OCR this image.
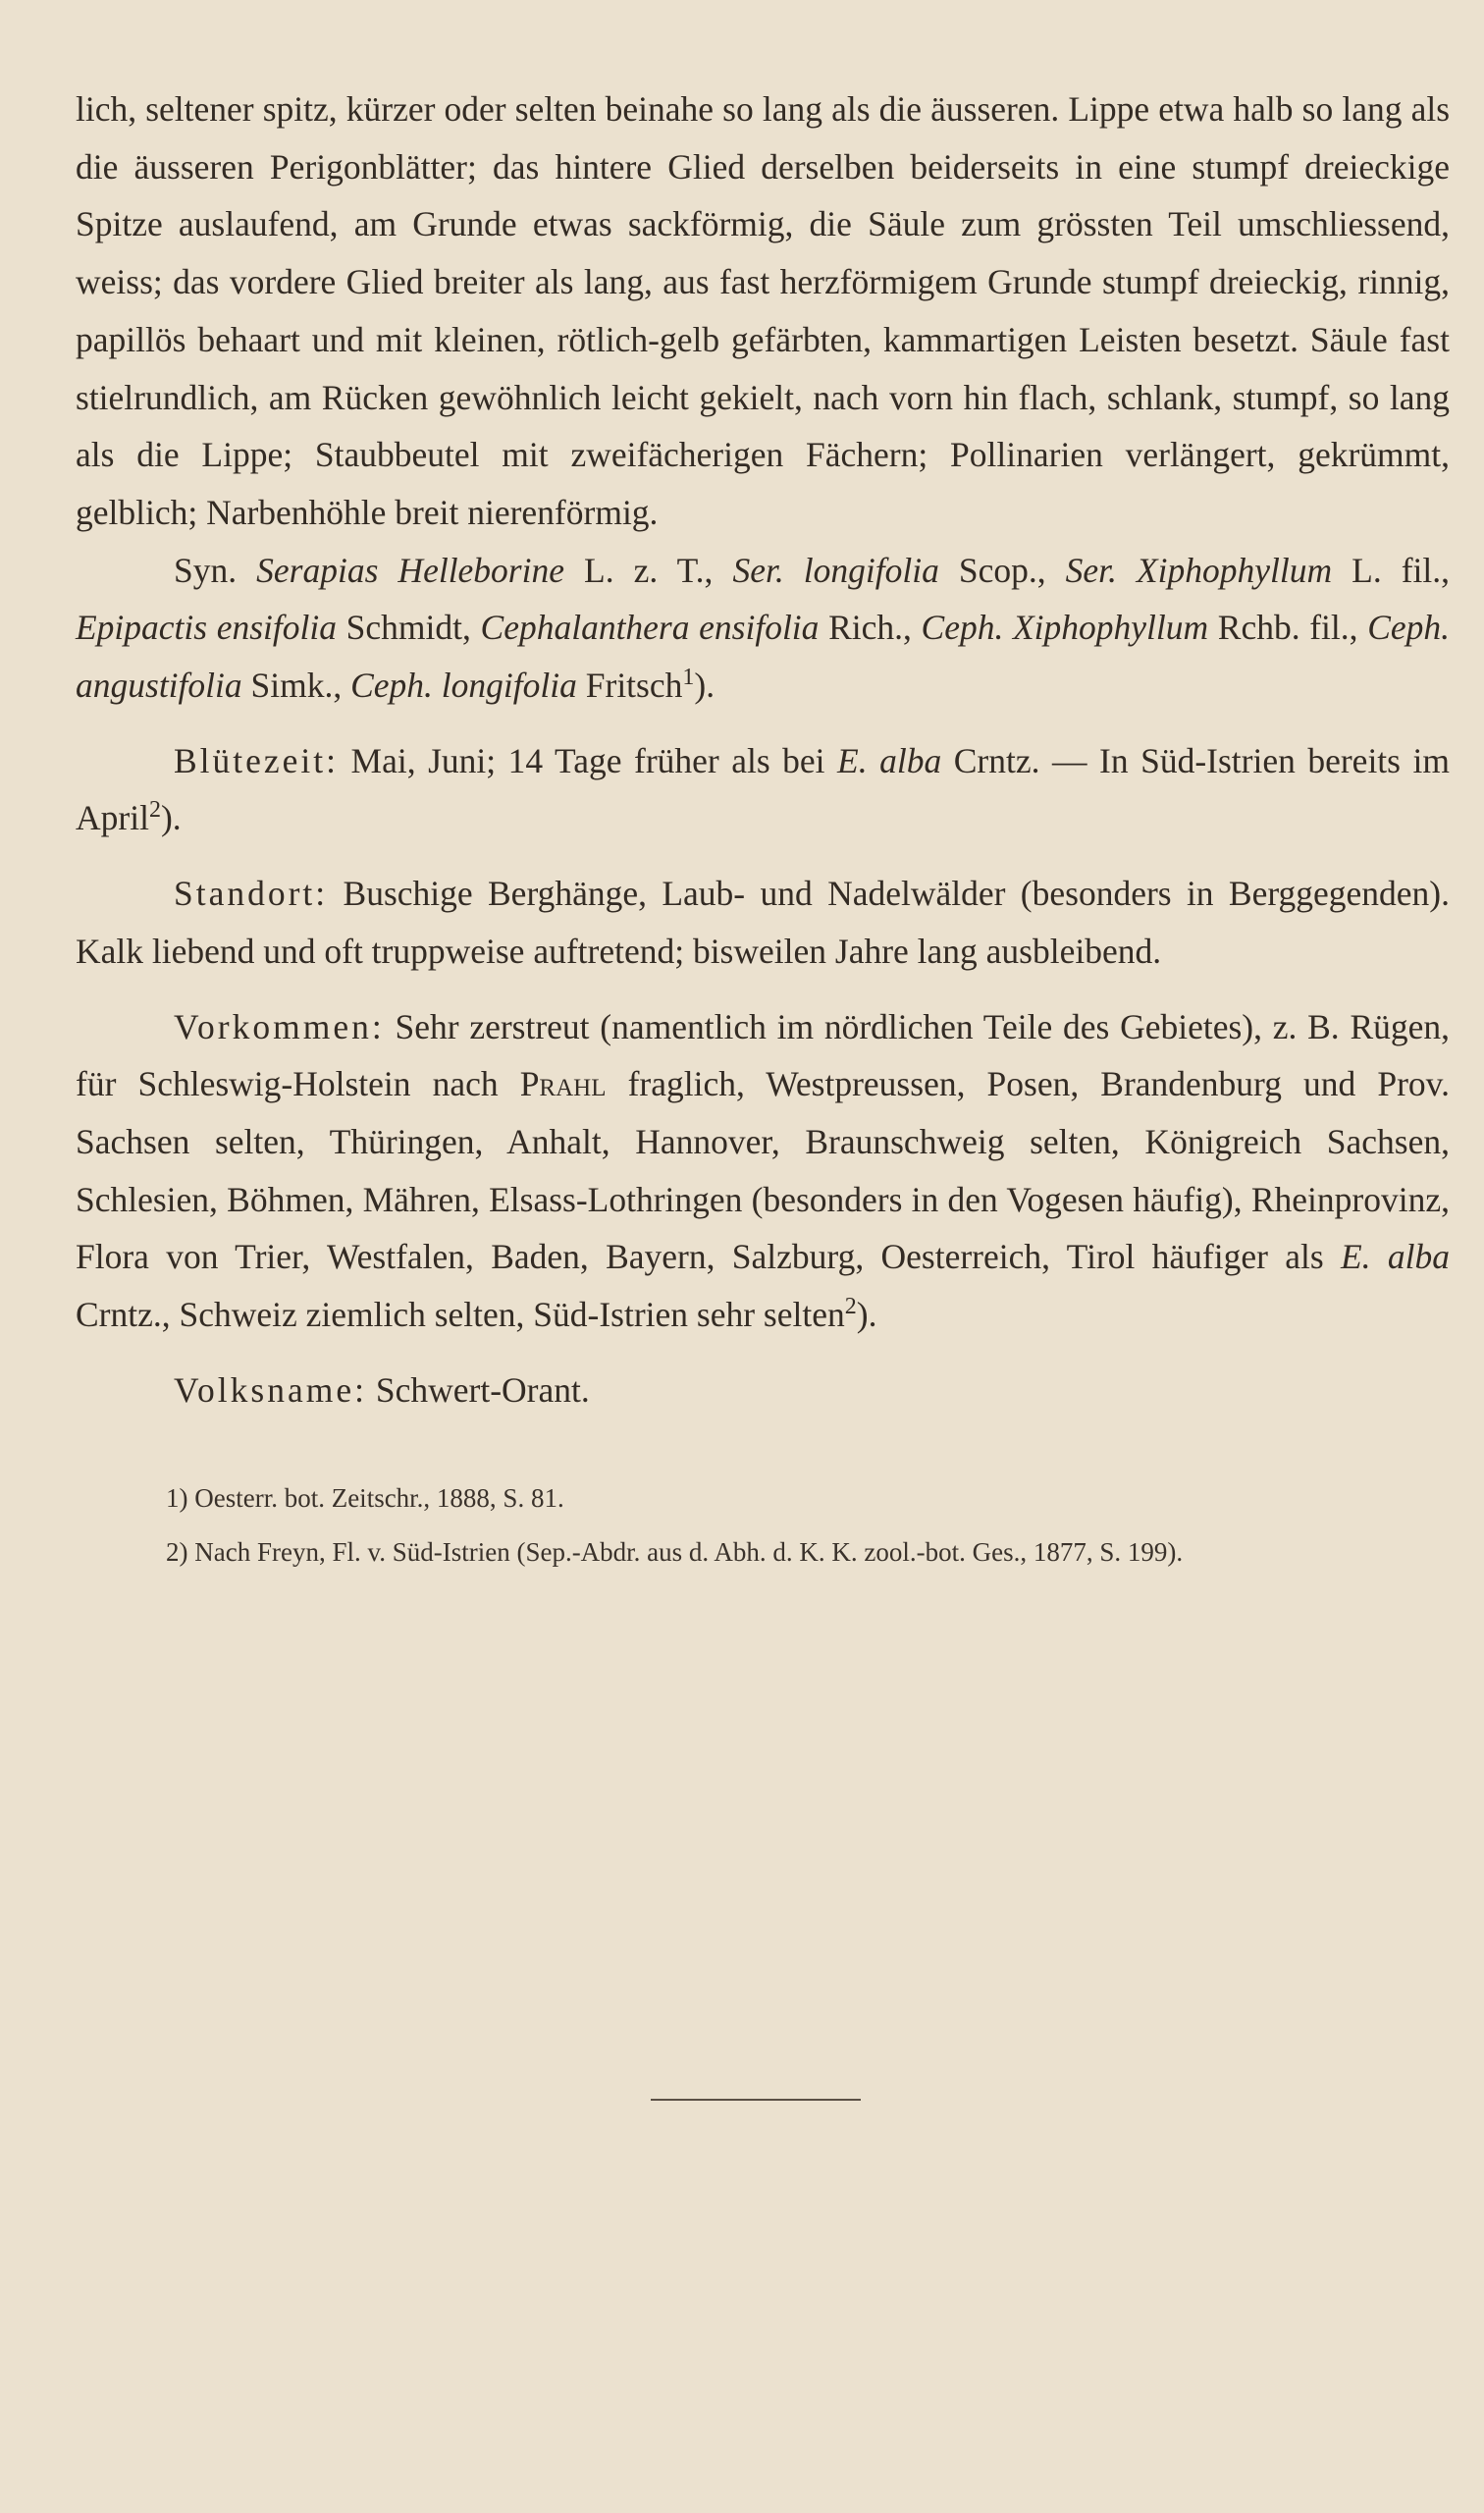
lich, seltener spitz, kürzer oder selten beinahe so lang als die äusseren. Lippe etwa halb so lang als die äusseren Perigonblätter; das hintere Glied derselben beiderseits in eine stumpf dreieckige Spitze auslaufend, am Grunde etwas sackförmig, die Säule zum grössten Teil umschliessend, weiss; das vordere Glied breiter als lang, aus fast herzförmigem Grunde stumpf dreieckig, rinnig, papillös behaart und mit kleinen, rötlich-gelb gefärbten, kammartigen Leisten besetzt. Säule fast stielrundlich, am Rücken gewöhnlich leicht gekielt, nach vorn hin flach, schlank, stumpf, so lang als die Lippe; Staubbeutel mit zweifächerigen Fächern; Pollinarien verlängert, gekrümmt, gelblich; Narbenhöhle breit nierenförmig.

Syn. Serapias Helleborine L. z. T., Ser. longifolia Scop., Ser. Xiphophyllum L. fil., Epipactis ensifolia Schmidt, Cephalanthera ensifolia Rich., Ceph. Xiphophyllum Rchb. fil., Ceph. angustifolia Simk., Ceph. longifolia Fritsch$^1$).

Blütezeit: Mai, Juni; 14 Tage früher als bei E. alba Crntz. — In Süd-Istrien bereits im April$^2$).

Standort: Buschige Berghänge, Laub- und Nadelwälder (besonders in Berggegenden). Kalk liebend und oft truppweise auftretend; bisweilen Jahre lang ausbleibend.

Vorkommen: Sehr zerstreut (namentlich im nördlichen Teile des Gebietes), z. B. Rügen, für Schleswig-Holstein nach Prahl fraglich, Westpreussen, Posen, Brandenburg und Prov. Sachsen selten, Thüringen, Anhalt, Hannover, Braunschweig selten, Königreich Sachsen, Schlesien, Böhmen, Mähren, Elsass-Lothringen (besonders in den Vogesen häufig), Rheinprovinz, Flora von Trier, Westfalen, Baden, Bayern, Salzburg, Oesterreich, Tirol häufiger als E. alba Crntz., Schweiz ziemlich selten, Süd-Istrien sehr selten$^2$).

Volksname: Schwert-Orant.

1) Oesterr. bot. Zeitschr., 1888, S. 81.

2) Nach Freyn, Fl. v. Süd-Istrien (Sep.-Abdr. aus d. Abh. d. K. K. zool.-bot. Ges., 1877, S. 199).
